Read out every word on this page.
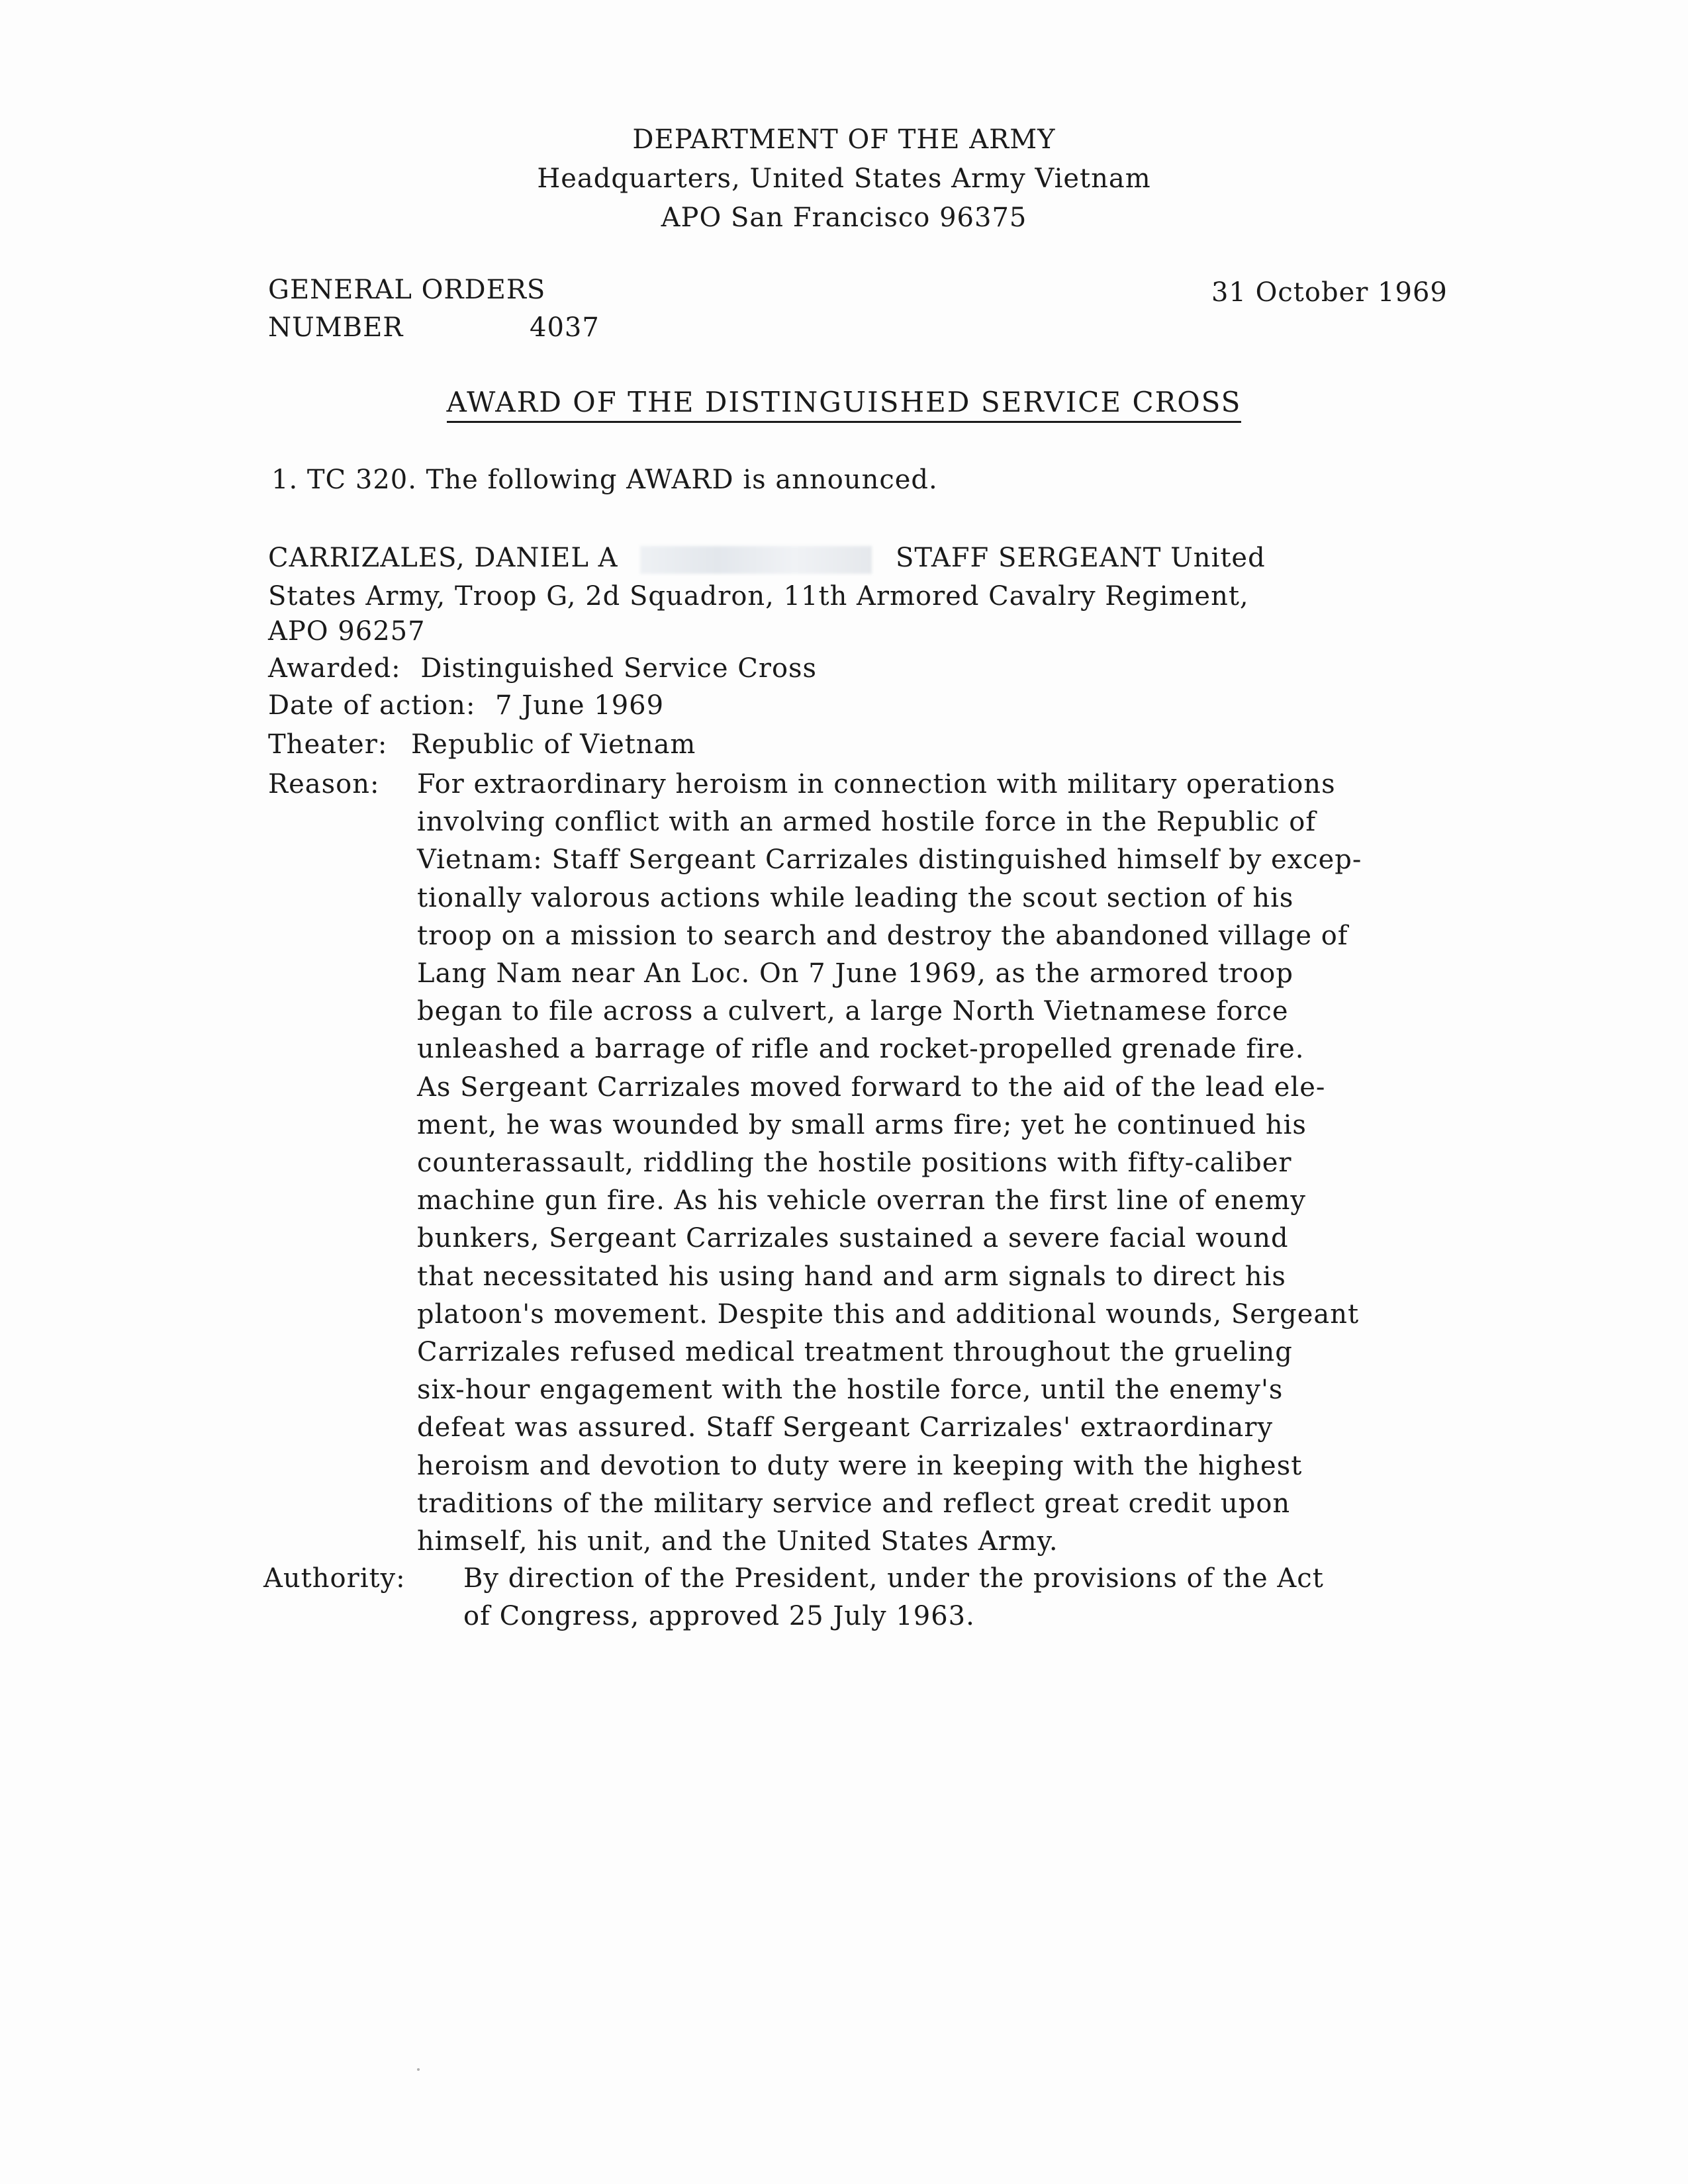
DEPARTMENT OF THE ARMY
Headquarters, United States Army Vietnam
APO San Francisco 96375
GENERAL ORDERS
NUMBER	4037
31 October 1969
AWARD OF THE DISTINGUISHED SERVICE CROSS
1. TC 320. The following AWARD is announced.
CARRIZALES, DANIEL A	STAFF SERGEANT United
States Army, Troop G, 2d Squadron, 11th Armored Cavalry Regiment,
APO 96257
Awarded: Distinguished Service Cross
Date of action: 7 June 1969
Theater: Republic of Vietnam
Reason: For extraordinary heroism in connection with military operations
involving conflict with an armed hostile force in the Republic of
Vietnam: Staff Sergeant Carrizales distinguished himself by excep-
tionally valorous actions while leading the scout section of his
troop on a mission to search and destroy the abandoned village of
Lang Nam near An Loc. On 7 June 1969, as the armored troop
began to file across a culvert, a large North Vietnamese force
unleashed a barrage of rifle and rocket-propelled grenade fire.
As Sergeant Carrizales moved forward to the aid of the lead ele-
ment, he was wounded by small arms fire; yet he continued his
counterassault, riddling the hostile positions with fifty-caliber
machine gun fire. As his vehicle overran the first line of enemy
bunkers, Sergeant Carrizales sustained a severe facial wound
that necessitated his using hand and arm signals to direct his
platoon's movement. Despite this and additional wounds, Sergeant
Carrizales refused medical treatment throughout the grueling
six-hour engagement with the hostile force, until the enemy's
defeat was assured. Staff Sergeant Carrizales' extraordinary
heroism and devotion to duty were in keeping with the highest
traditions of the military service and reflect great credit upon
himself, his unit, and the United States Army.
Authority: By direction of the President, under the provisions of the Act
of Congress, approved 25 July 1963.
